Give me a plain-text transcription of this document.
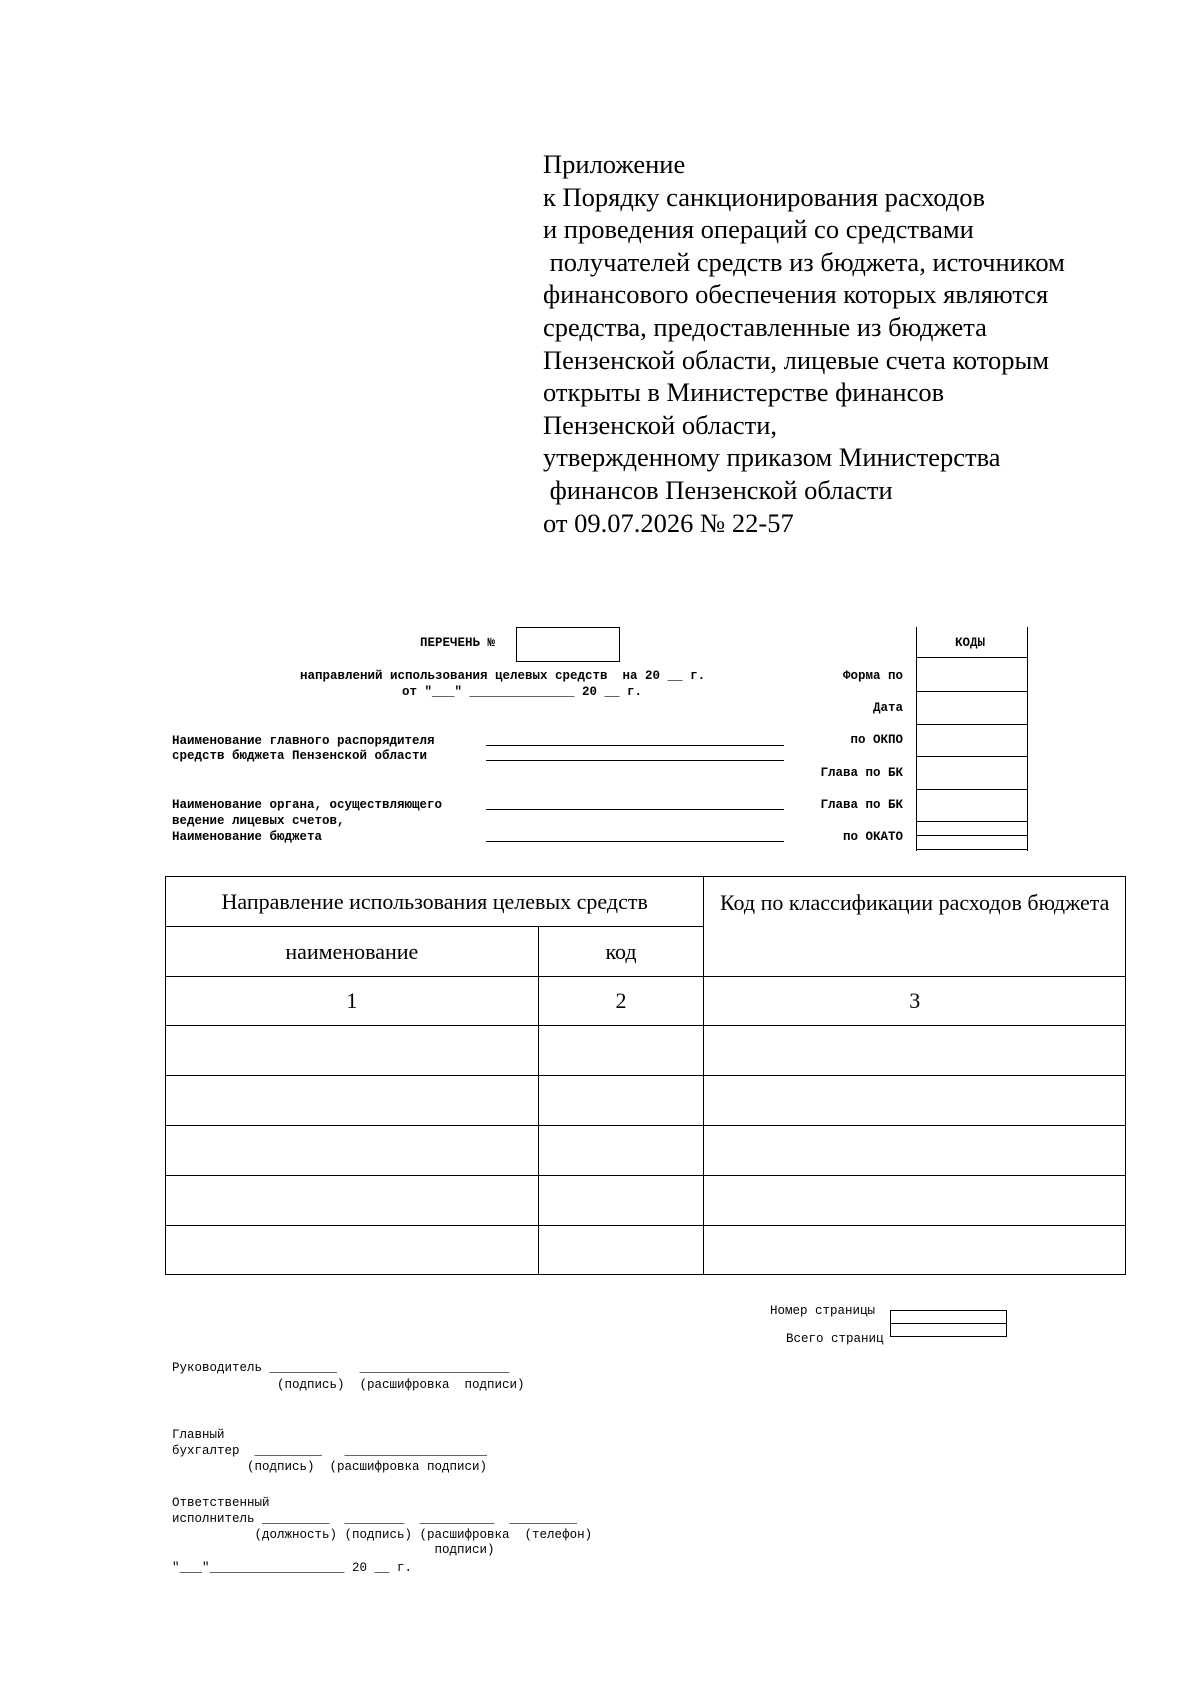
Приложение
к Порядку санкционирования расходов
и проведения операций со средствами
получателей средств из бюджета, источником
финансового обеспечения которых являются
средства, предоставленные из бюджета
Пензенской области, лицевые счета которым
открыты в Министерстве финансов
Пензенской области,
утвержденному приказом Министерства
финансов Пензенской области
от 09.07.2026 № 22-57
ПЕРЕЧЕНЬ №
направлений использования целевых средств  на 20 __ г.
от "___" ______________ 20 __ г.
КОДЫ
Форма по
Дата
по ОКПО
Глава по БК
Глава по БК
по ОКАТО
Наименование главного распорядителя
средств бюджета Пензенской области
Наименование органа, осуществляющего
ведение лицевых счетов,
Наименование бюджета
Направление использования целевых средств		Код по классификации расходов бюджета
наименование	код	
1	2	3

Номер страницы
Всего страниц
Руководитель _________   ____________________
(подпись)  (расшифровка  подписи)
Главный
бухгалтер  _________   ___________________
(подпись)  (расшифровка подписи)
Ответственный
исполнитель _________  ________  __________  _________
(должность) (подпись) (расшифровка  (телефон)
подписи)
"___"__________________ 20 __ г.
